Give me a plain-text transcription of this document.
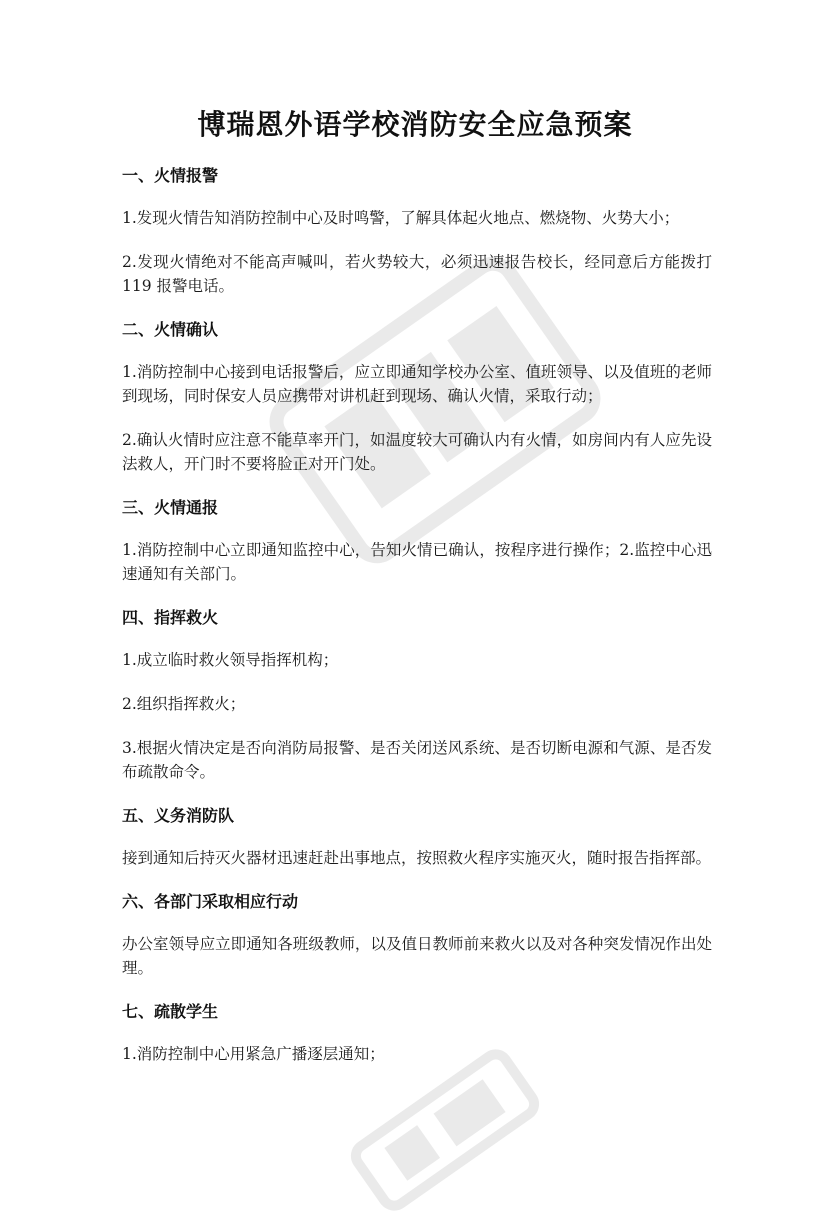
博瑞恩外语学校消防安全应急预案
一、火情报警

1.发现火情告知消防控制中心及时鸣警，了解具体起火地点、燃烧物、火势大小；

2.发现火情绝对不能高声喊叫，若火势较大，必须迅速报告校长，经同意后方能拨打 119 报警电话。

二、火情确认

1.消防控制中心接到电话报警后，应立即通知学校办公室、值班领导、以及值班的老师到现场，同时保安人员应携带对讲机赶到现场、确认火情，采取行动；

2.确认火情时应注意不能草率开门，如温度较大可确认内有火情，如房间内有人应先设法救人，开门时不要将脸正对开门处。

三、火情通报

1.消防控制中心立即通知监控中心，告知火情已确认，按程序进行操作；2.监控中心迅速通知有关部门。

四、指挥救火

1.成立临时救火领导指挥机构；

2.组织指挥救火；

3.根据火情决定是否向消防局报警、是否关闭送风系统、是否切断电源和气源、是否发布疏散命令。

五、义务消防队

接到通知后持灭火器材迅速赶赴出事地点，按照救火程序实施灭火，随时报告指挥部。

六、各部门采取相应行动

办公室领导应立即通知各班级教师，以及值日教师前来救火以及对各种突发情况作出处理。

七、疏散学生

1.消防控制中心用紧急广播逐层通知；
